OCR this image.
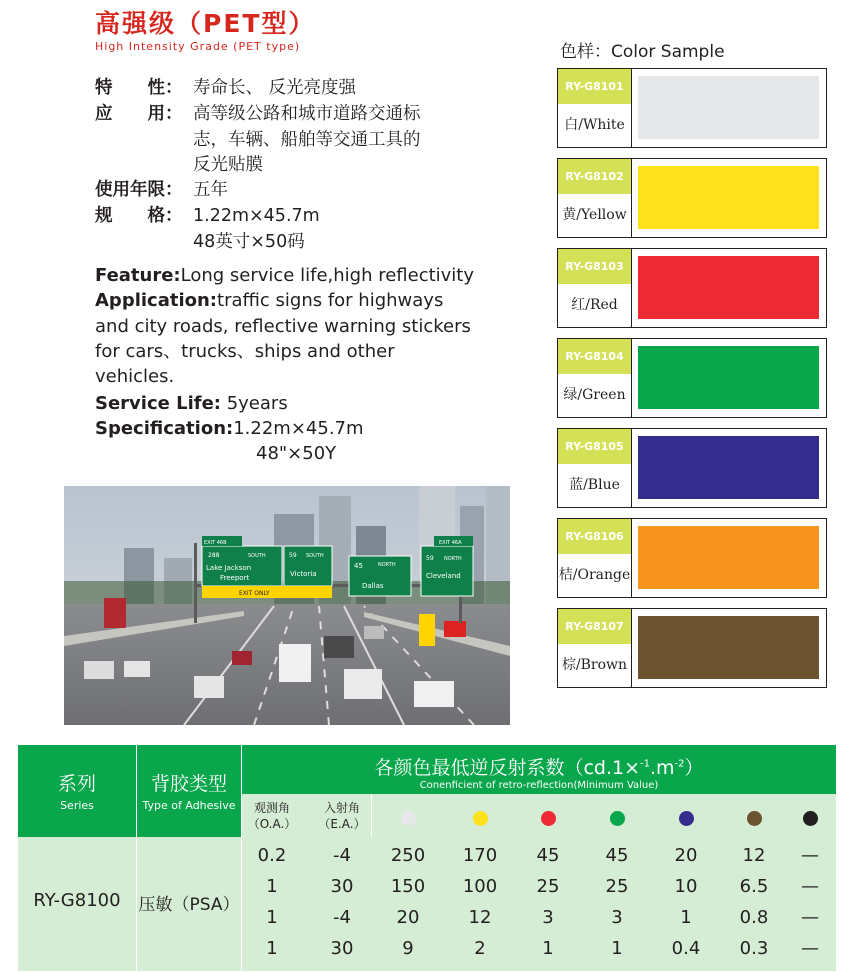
高强级（PET型）
High Intensity Grade (PET type)
特　　性： 寿命长、 反光亮度强
应　　用： 高等级公路和城市道路交通标
志，车辆、船舶等交通工具的
反光贴膜
使用年限： 五年
规　　格： 1.22m×45.7m
48英寸×50码
Feature:Long service life,high reflectivity
Application:traffic signs for highways
and city roads, reflective warning stickers
for cars、trucks、ships and other
vehicles.
Service Life: 5years
Specification:1.22m×45.7m
48"×50Y
EXIT 46B
288	SOUTH
Lake Jackson
Freeport
59 SOUTH
Victoria
EXIT ONLY
45	NORTH
Dallas
EXIT 46A
59 NORTH
Cleveland
色样：Color Sample
RY-G8101
白/White
RY-G8102
黄/Yellow
RY-G8103
红/Red
RY-G8104
绿/Green
RY-G8105
蓝/Blue
RY-G8106
桔/Orange
RY-G8107
棕/Brown
系列
Series
背胶类型
Type of Adhesive
各颜色最低逆反射系数$(cd.1\times^{-1}.m^{-2})$
Conenficient of retro-reflection(Minimum Value)
观测角
（O.A.）
入射角
（E.A.）
RY-G8100	压敏（PSA）
0.2	-4	250	170	45	45	20	12	—
1	30	150	100	25	25	10	6.5	—
1	-4	20	12	3	3	1	0.8	—
1	30	9	2	1	1	0.4	0.3	—
